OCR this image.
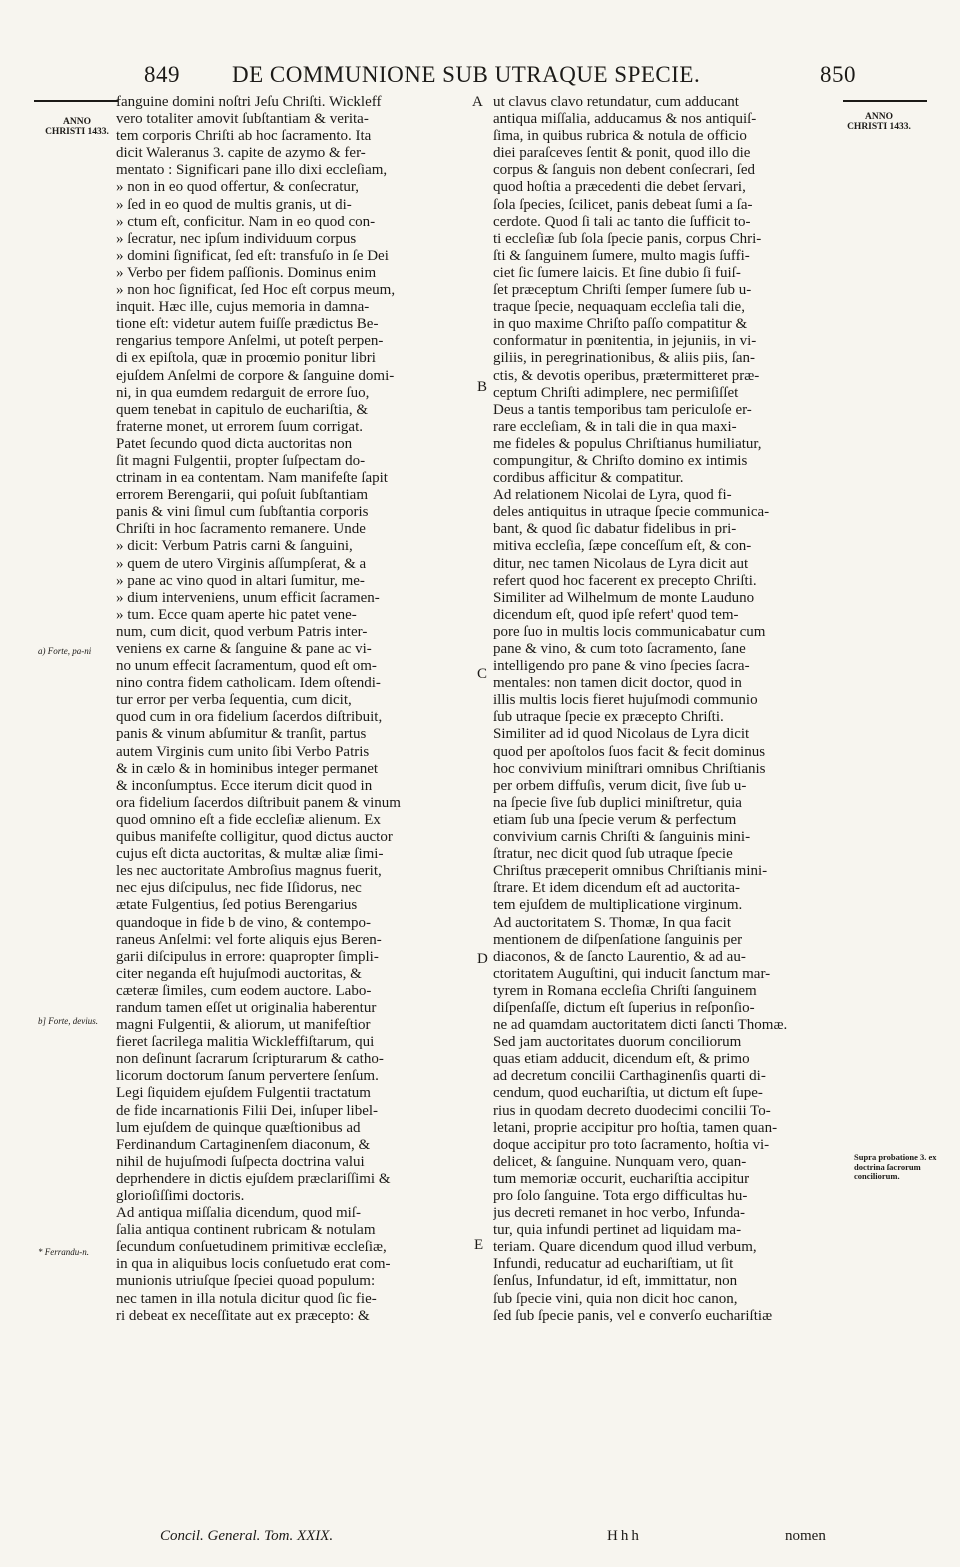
849 DE COMMUNIONE SUB UTRAQUE SPECIE.	850
ANNO CHRISTI 1433.
ANNO CHRISTI 1433.
fanguine domini noſtri Jeſu Chriſti. Wickleff
vero totaliter amovit ſubſtantiam & verita-
tem corporis Chriſti ab hoc ſacramento. Ita
dicit Waleranus 3. capite de azymo & fer-
mentato : Significari pane illo dixi eccleſiam,
» non in eo quod offertur, & conſecratur,
» ſed in eo quod de multis granis, ut di-
» ctum eſt, conficitur. Nam in eo quod con-
» ſecratur, nec ipſum individuum corpus
» domini ſignificat, ſed eſt: transfuſo in ſe Dei
» Verbo per fidem paſſionis. Dominus enim
» non hoc ſignificat, ſed Hoc eſt corpus meum,
inquit. Hæc ille, cujus memoria in damna-
tione eſt: videtur autem fuiſſe prædictus Be-
rengarius tempore Anſelmi, ut poteſt perpen-
di ex epiſtola, quæ in proœmio ponitur libri
ejuſdem Anſelmi de corpore & ſanguine domi-
ni, in qua eumdem redarguit de errore ſuo,
quem tenebat in capitulo de euchariſtia, &
fraterne monet, ut errorem ſuum corrigat.
Patet ſecundo quod dicta auctoritas non
ſit magni Fulgentii, propter ſuſpectam do-
ctrinam in ea contentam. Nam manifeſte ſapit
errorem Berengarii, qui poſuit ſubſtantiam
panis & vini ſimul cum ſubſtantia corporis
Chriſti in hoc ſacramento remanere. Unde
» dicit: Verbum Patris carni & ſanguini,
» quem de utero Virginis aſſumpſerat, & a
» pane ac vino quod in altari ſumitur, me-
» dium interveniens, unum efficit ſacramen-
» tum. Ecce quam aperte hic patet vene-
num, cum dicit, quod verbum Patris inter-
veniens ex carne & ſanguine & pane ac vi-
no unum effecit ſacramentum, quod eſt om-
nino contra fidem catholicam. Idem oſtendi-
tur error per verba ſequentia, cum dicit,
quod cum in ora fidelium ſacerdos diſtribuit,
panis & vinum abſumitur & tranſit, partus
autem Virginis cum unito ſibi Verbo Patris
& in cælo & in hominibus integer permanet
& inconſumptus. Ecce iterum dicit quod in
ora fidelium ſacerdos diſtribuit panem & vinum
quod omnino eſt a fide eccleſiæ alienum. Ex
quibus manifeſte colligitur, quod dictus auctor
cujus eſt dicta auctoritas, & multæ aliæ ſimi-
les nec auctoritate Ambroſius magnus fuerit,
nec ejus diſcipulus, nec fide Iſidorus, nec
ætate Fulgentius, ſed potius Berengarius
quandoque in fide b de vino, & contempo-
raneus Anſelmi: vel forte aliquis ejus Beren-
garii diſcipulus in errore: quapropter ſimpli-
citer neganda eſt hujuſmodi auctoritas, &
cæteræ ſimiles, cum eodem auctore. Labo-
randum tamen eſſet ut originalia haberentur
magni Fulgentii, & aliorum, ut manifeſtior
fieret ſacrilega malitia Wickleffiſtarum, qui
non deſinunt ſacrarum ſcripturarum & catho-
licorum doctorum ſanum pervertere ſenſum.
Legi ſiquidem ejuſdem Fulgentii tractatum
de fide incarnationis Filii Dei, inſuper libel-
lum ejuſdem de quinque quæſtionibus ad
Ferdinandum Cartaginenſem diaconum, &
nihil de hujuſmodi ſuſpecta doctrina valui
deprhendere in dictis ejuſdem præclariſſimi &
glorioſiſſimi doctoris.
Ad antiqua miſſalia dicendum, quod miſ-
ſalia antiqua continent rubricam & notulam
ſecundum conſuetudinem primitivæ eccleſiæ,
in qua in aliquibus locis conſuetudo erat com-
munionis utriuſque ſpeciei quoad populum:
nec tamen in illa notula dicitur quod ſic fie-
ri debeat ex neceſſitate aut ex præcepto: &
ut clavus clavo retundatur, cum adducant
antiqua miſſalia, adducamus & nos antiquiſ-
ſima, in quibus rubrica & notula de officio
diei paraſceves ſentit & ponit, quod illo die
corpus & ſanguis non debent conſecrari, ſed
quod hoſtia a præcedenti die debet ſervari,
ſola ſpecies, ſcilicet, panis debeat ſumi a ſa-
cerdote. Quod ſi tali ac tanto die ſufficit to-
ti eccleſiæ ſub ſola ſpecie panis, corpus Chri-
ſti & ſanguinem ſumere, multo magis ſuffi-
ciet ſic ſumere laicis. Et ſine dubio ſi fuiſ-
ſet præceptum Chriſti ſemper ſumere ſub u-
traque ſpecie, nequaquam eccleſia tali die,
in quo maxime Chriſto paſſo compatitur &
conformatur in pœnitentia, in jejuniis, in vi-
giliis, in peregrinationibus, & aliis piis, ſan-
ctis, & devotis operibus, prætermitteret præ-
ceptum Chriſti adimplere, nec permiſiſſet
Deus a tantis temporibus tam periculoſe er-
rare eccleſiam, & in tali die in qua maxi-
me fideles & populus Chriſtianus humiliatur,
compungitur, & Chriſto domino ex intimis
cordibus afficitur & compatitur.
Ad relationem Nicolai de Lyra, quod fi-
deles antiquitus in utraque ſpecie communica-
bant, & quod ſic dabatur fidelibus in pri-
mitiva eccleſia, ſæpe conceſſum eſt, & con-
ditur, nec tamen Nicolaus de Lyra dicit aut
refert quod hoc facerent ex precepto Chriſti.
Similiter ad Wilhelmum de monte Lauduno
dicendum eſt, quod ipſe refert' quod tem-
pore ſuo in multis locis communicabatur cum
pane & vino, & cum toto ſacramento, ſane
intelligendo pro pane & vino ſpecies ſacra-
mentales: non tamen dicit doctor, quod in
illis multis locis fieret hujuſmodi communio
ſub utraque ſpecie ex præcepto Chriſti.
Similiter ad id quod Nicolaus de Lyra dicit
quod per apoſtolos ſuos facit & fecit dominus
hoc convivium miniſtrari omnibus Chriſtianis
per orbem diffuſis, verum dicit, ſive ſub u-
na ſpecie ſive ſub duplici miniſtretur, quia
etiam ſub una ſpecie verum & perfectum
convivium carnis Chriſti & ſanguinis mini-
ſtratur, nec dicit quod ſub utraque ſpecie
Chriſtus præceperit omnibus Chriſtianis mini-
ſtrare. Et idem dicendum eſt ad auctorita-
tem ejuſdem de multiplicatione virginum.
Ad auctoritatem S. Thomæ, In qua facit
mentionem de diſpenſatione ſanguinis per
diaconos, & de ſancto Laurentio, & ad au-
ctoritatem Auguſtini, qui inducit ſanctum mar-
tyrem in Romana eccleſia Chriſti ſanguinem
diſpenſaſſe, dictum eſt ſuperius in reſponſio-
ne ad quamdam auctoritatem dicti ſancti Thomæ.
Sed jam auctoritates duorum conciliorum
quas etiam adducit, dicendum eſt, & primo
ad decretum concilii Carthaginenſis quarti di-
cendum, quod euchariſtia, ut dictum eſt ſupe-
rius in quodam decreto duodecimi concilii To-
letani, proprie accipitur pro hoſtia, tamen quan-
doque accipitur pro toto ſacramento, hoſtia vi-
delicet, & ſanguine. Nunquam vero, quan-
tum memoriæ occurit, euchariſtia accipitur
pro ſolo ſanguine. Tota ergo difficultas hu-
jus decreti remanet in hoc verbo, Infunda-
tur, quia infundi pertinet ad liquidam ma-
teriam. Quare dicendum quod illud verbum,
Infundi, reducatur ad euchariſtiam, ut ſit
ſenſus, Infundatur, id eſt, immittatur, non
ſub ſpecie vini, quia non dicit hoc canon,
ſed ſub ſpecie panis, vel e converſo euchariſtiæ
A
B
C
D
E
a) Forte, pa-ni
b] Forte, devius.
* Ferrandu-n.
Supra probatione 3. ex doctrina ſacrorum conciliorum.
Concil. General. Tom. XXIX.	Hhh	nomen
